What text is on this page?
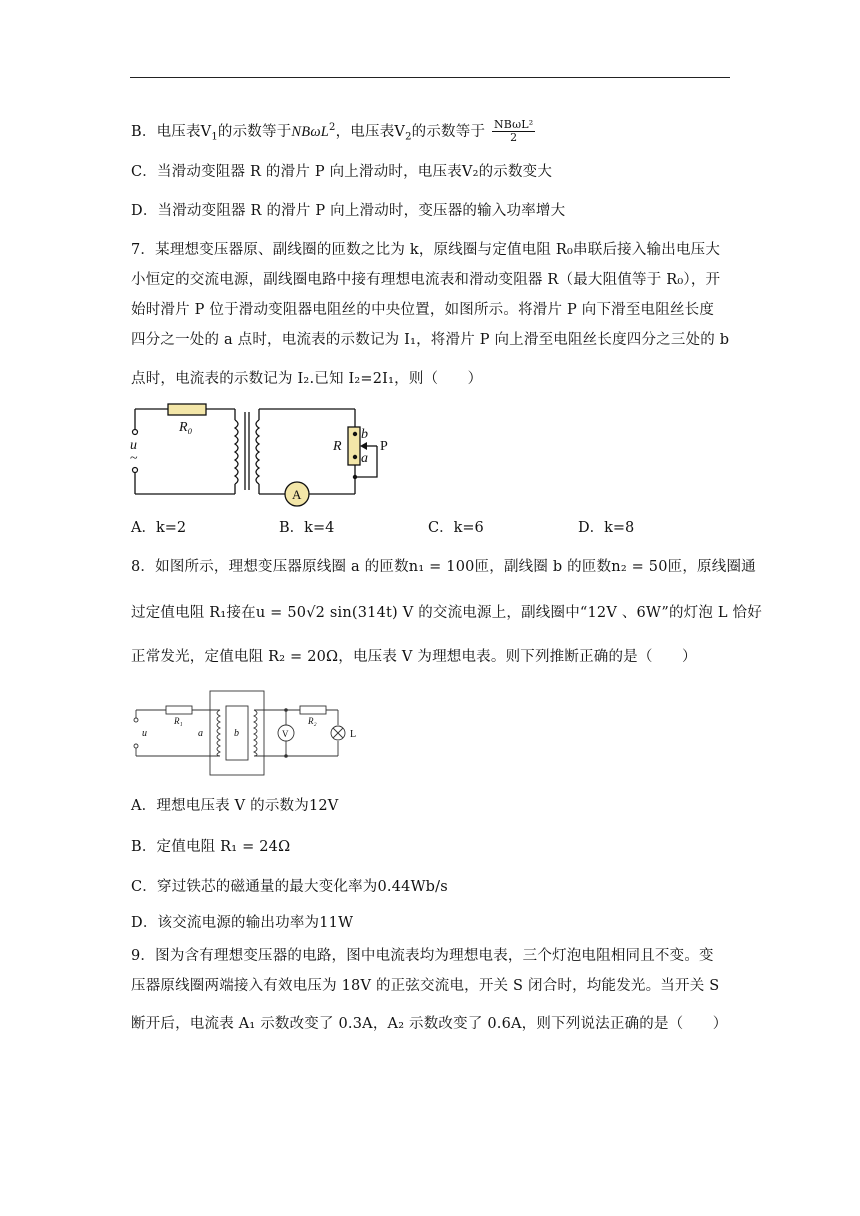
B．电压表$V_1$的示数等于NBωL$^2$，电压表$V_2$的示数等于 $\frac{\text{NBωL²}}{2}$
C．当滑动变阻器 R 的滑片 P 向上滑动时，电压表V₂的示数变大
D．当滑动变阻器 R 的滑片 P 向上滑动时，变压器的输入功率增大
7．某理想变压器原、副线圈的匝数之比为 k，原线圈与定值电阻 R₀串联后接入输出电压大
小恒定的交流电源，副线圈电路中接有理想电流表和滑动变阻器 R（最大阻值等于 R₀），开
始时滑片 P 位于滑动变阻器电阻丝的中央位置，如图所示。将滑片 P 向下滑至电阻丝长度
四分之一处的 a 点时，电流表的示数记为 I₁，将滑片 P 向上滑至电阻丝长度四分之三处的 b
点时，电流表的示数记为 I₂.已知 I₂=2I₁，则（　　）
u
~
R₀
R
b
a
P
A
A．k=2	B．k=4	C．k=6	D．k=8
8．如图所示，理想变压器原线圈 a 的匝数n₁ = 100匝，副线圈 b 的匝数n₂ = 50匝，原线圈通
过定值电阻 R₁接在u = 50√2 sin(314t) V 的交流电源上，副线圈中“12V 、6W”的灯泡 L 恰好
正常发光，定值电阻 R₂ = 20Ω，电压表 V 为理想电表。则下列推断正确的是（　　）
u
R₁
a	b	V
R₂
L
A．理想电压表 V 的示数为12V
B．定值电阻 R₁ = 24Ω
C．穿过铁芯的磁通量的最大变化率为0.44Wb/s
D．该交流电源的输出功率为11W
9．图为含有理想变压器的电路，图中电流表均为理想电表，三个灯泡电阻相同且不变。变
压器原线圈两端接入有效电压为 18V 的正弦交流电，开关 S 闭合时，均能发光。当开关 S
断开后，电流表 A₁ 示数改变了 0.3A，A₂ 示数改变了 0.6A，则下列说法正确的是（　　）
